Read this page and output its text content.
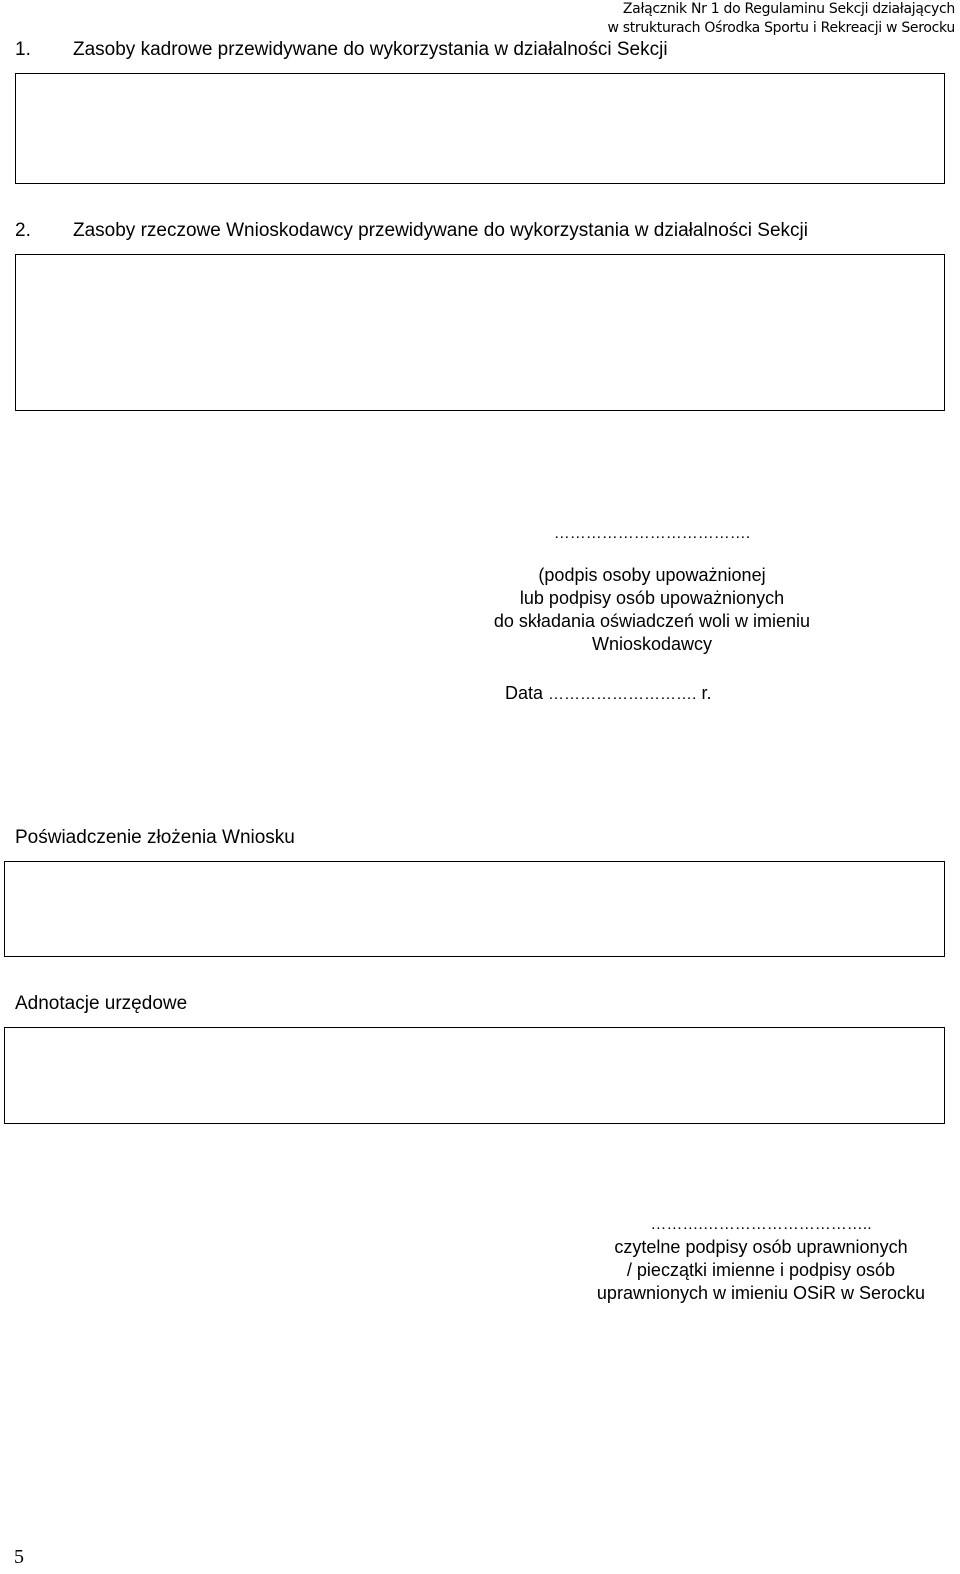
Załącznik Nr 1 do Regulaminu Sekcji działających
w strukturach Ośrodka Sportu i Rekreacji w Serocku
1. Zasoby kadrowe przewidywane do wykorzystania w działalności Sekcji
2. Zasoby rzeczowe Wnioskodawcy przewidywane do wykorzystania w działalności Sekcji
……………………………….
(podpis osoby upoważnionej
lub podpisy osób upoważnionych
do składania oświadczeń woli w imieniu
Wnioskodawcy
Data ………………………. r.
Poświadczenie złożenia Wniosku
Adnotacje urzędowe
……….…………………………..
czytelne podpisy osób uprawnionych
/ pieczątki imienne i podpisy osób
uprawnionych w imieniu OSiR w Serocku
5
